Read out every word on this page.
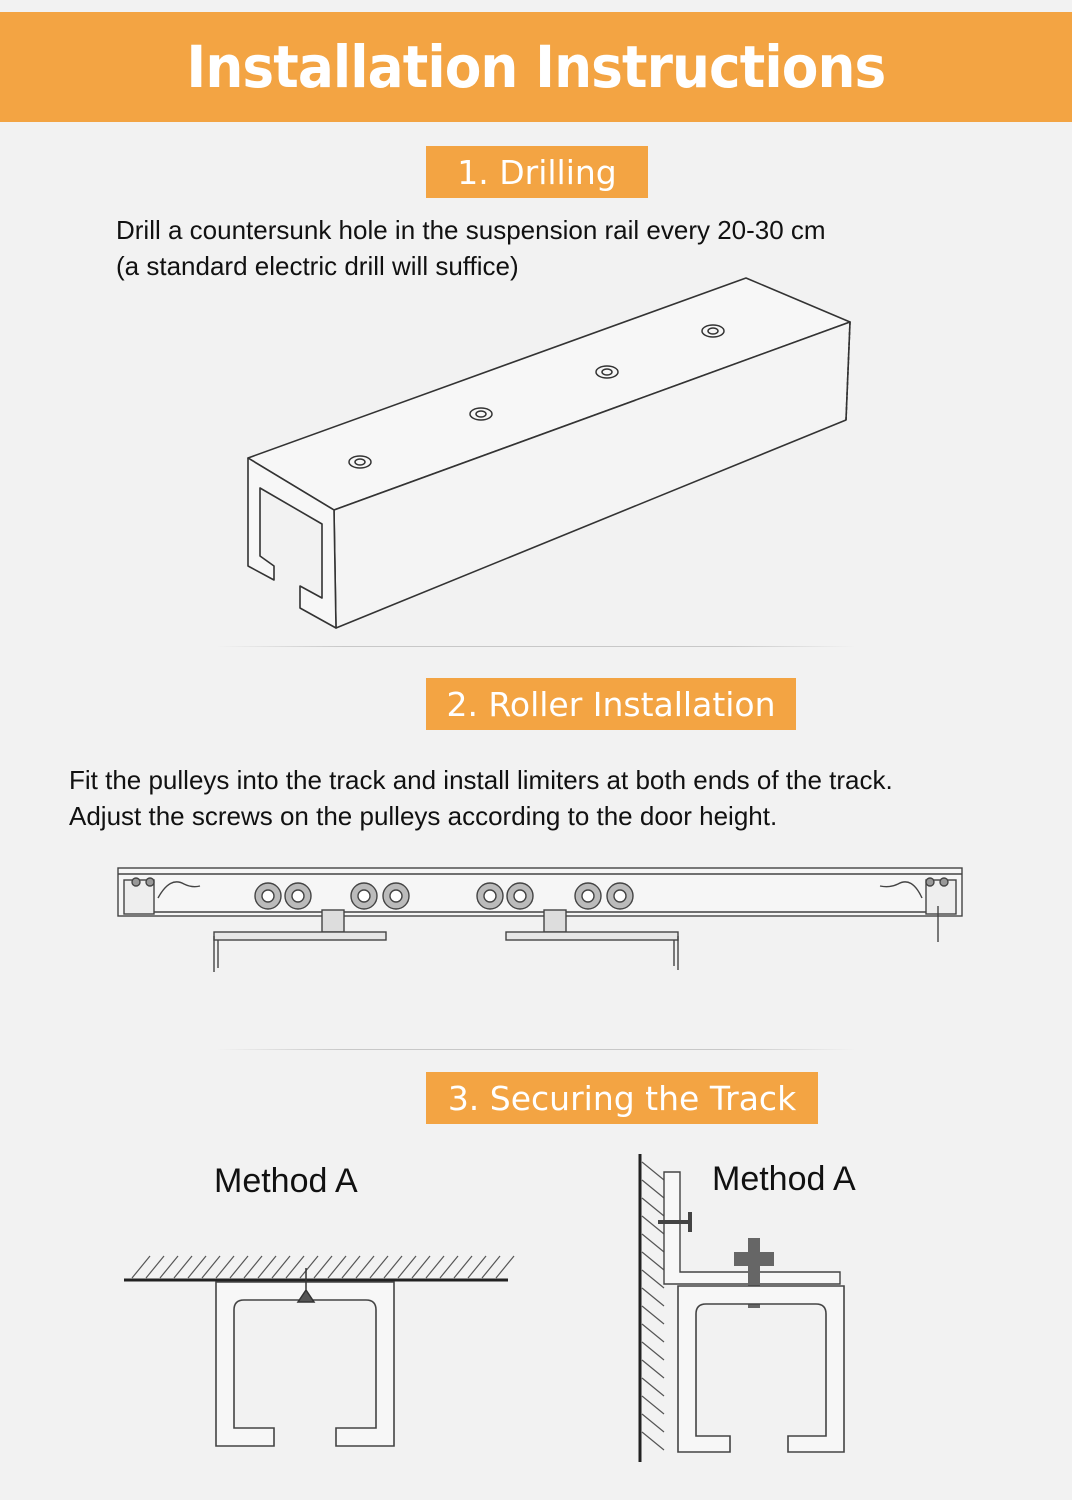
Installation Instructions
1. Drilling

Drill a countersunk hole in the suspension rail every 20-30 cm
(a standard electric drill will suffice)

2. Roller Installation

Fit the pulleys into the track and install limiters at both ends of the track.
Adjust the screws on the pulleys according to the door height.

3. Securing the Track
Method A	Method A
